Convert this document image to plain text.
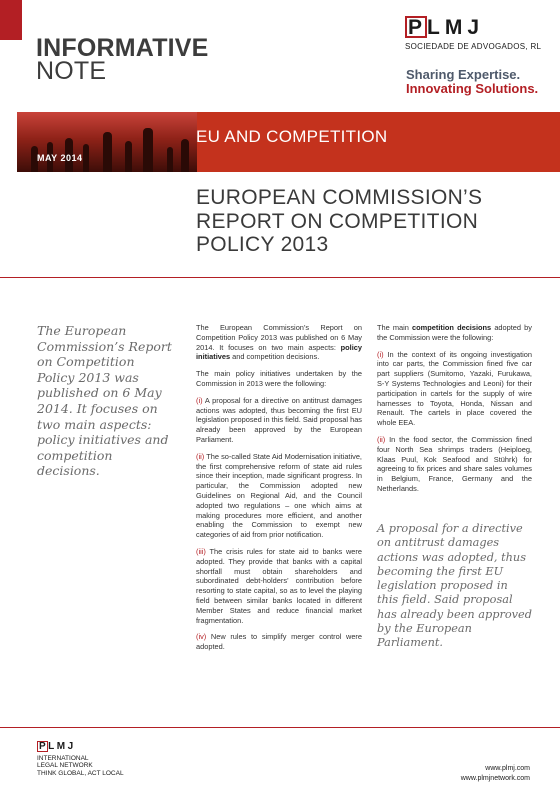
INFORMATIVE
NOTE
PLMJ
SOCIEDADE DE ADVOGADOS, RL
Sharing Expertise.
Innovating Solutions.
EU AND COMPETITION
MAY 2014
EUROPEAN COMMISSION’S
REPORT ON COMPETITION
POLICY 2013
The European Commission’s Report on Competition Policy 2013 was published on 6 May 2014. It focuses on two main aspects: policy initiatives and competition decisions.

The European Commission’s Report on Competition Policy 2013 was published on 6 May 2014. It focuses on two main aspects: policy initiatives and competition decisions.

The main policy initiatives undertaken by the Commission in 2013 were the following:

(i) A proposal for a directive on antitrust damages actions was adopted, thus becoming the first EU legislation proposed in this field. Said proposal has already been approved by the European Parliament.

(ii) The so-called State Aid Modernisation initiative, the first comprehensive reform of state aid rules since their inception, made significant progress. In particular, the Commission adopted new Guidelines on Regional Aid, and the Council adopted two regulations – one which aims at making procedures more efficient, and another enabling the Commission to exempt new categories of aid from prior notification.

(iii) The crisis rules for state aid to banks were adopted. They provide that banks with a capital shortfall must obtain shareholders and subordinated debt-holders’ contribution before resorting to state capital, so as to level the playing field between similar banks located in different Member States and reduce financial market fragmentation.

(iv) New rules to simplify merger control were adopted.

The main competition decisions adopted by the Commission were the following:

(i) In the context of its ongoing investigation into car parts, the Commission fined five car part suppliers (Sumitomo, Yazaki, Furukawa, S-Y Systems Technologies and Leoni) for their participation in cartels for the supply of wire harnesses to Toyota, Honda, Nissan and Renault. The cartels in place covered the whole EEA.

(ii) In the food sector, the Commission fined four North Sea shrimps traders (Heiploeg, Klaas Puul, Kok Seafood and Stührk) for agreeing to fix prices and share sales volumes in Belgium, France, Germany and the Netherlands.

A proposal for a directive on antitrust damages actions was adopted, thus becoming the first EU legislation proposed in this field. Said proposal has already been approved by the European Parliament.
PLMJ
INTERNATIONAL
LEGAL NETWORK
THINK GLOBAL, ACT LOCAL
www.plmj.com
www.plmjnetwork.com
